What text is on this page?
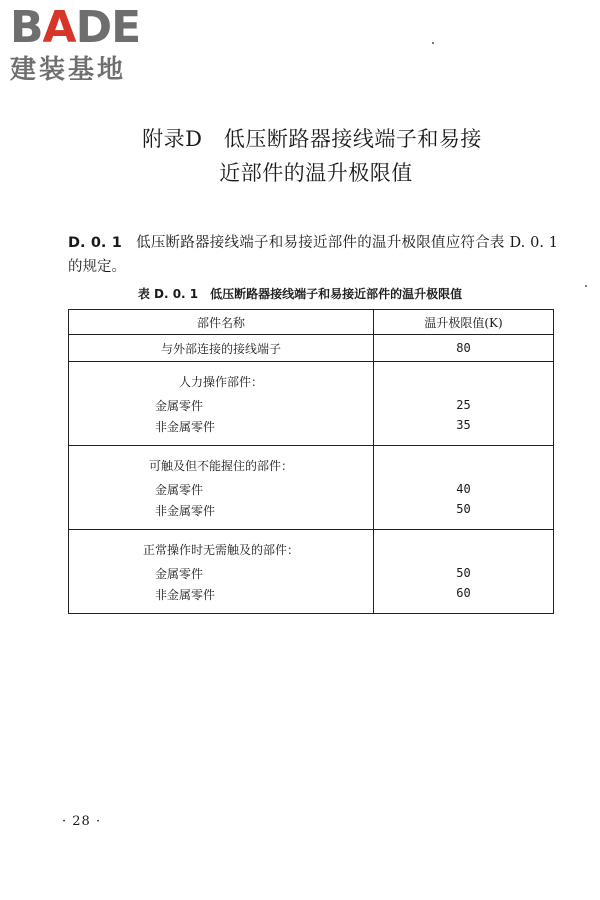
BADE
建装基地
附录D　低压断路器接线端子和易接
近部件的温升极限值
D. 0. 1 低压断路器接线端子和易接近部件的温升极限值应符合表 D. 0. 1 的规定。
表 D. 0. 1　低压断路器接线端子和易接近部件的温升极限值
部件名称	温升极限值(K)
与外部连接的接线端子	80
人力操作部件：	
金属零件	25
非金属零件	35
可触及但不能握住的部件：	
金属零件	40
非金属零件	50
正常操作时无需触及的部件：	
金属零件	50
非金属零件	60
· 28 ·
